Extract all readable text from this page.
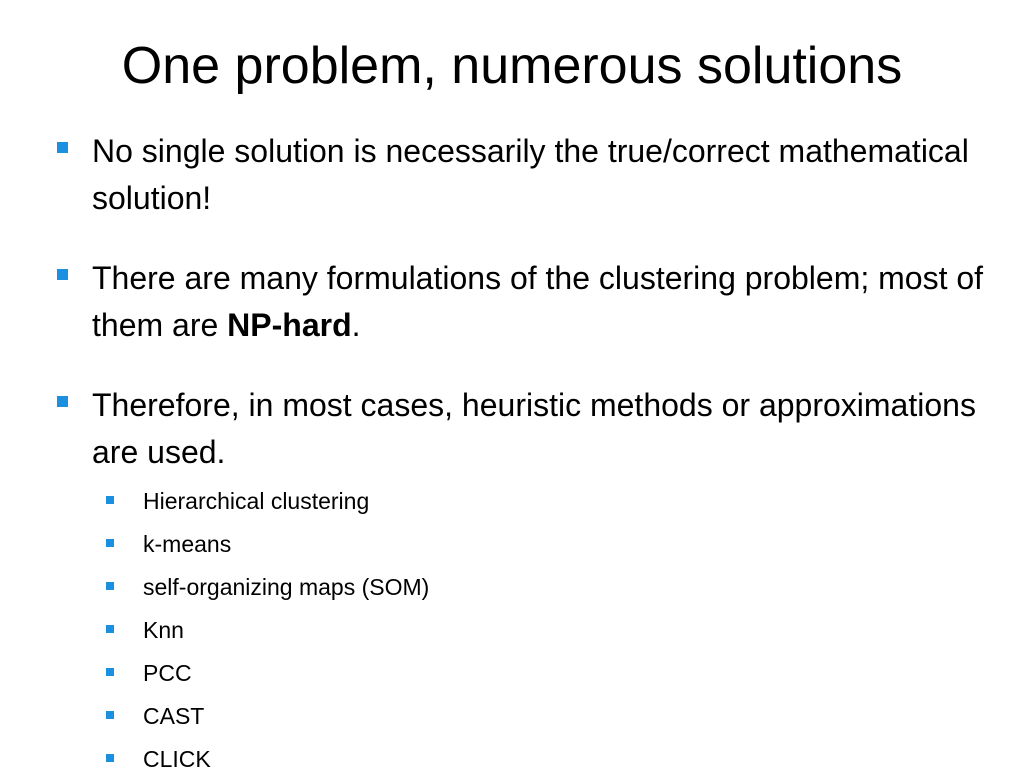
One problem, numerous solutions
No single solution is necessarily the true/correct mathematical solution!
There are many formulations of the clustering problem; most of them are NP-hard.
Therefore, in most cases, heuristic methods or approximations are used.
Hierarchical clustering
k-means
self-organizing maps (SOM)
Knn
PCC
CAST
CLICK
